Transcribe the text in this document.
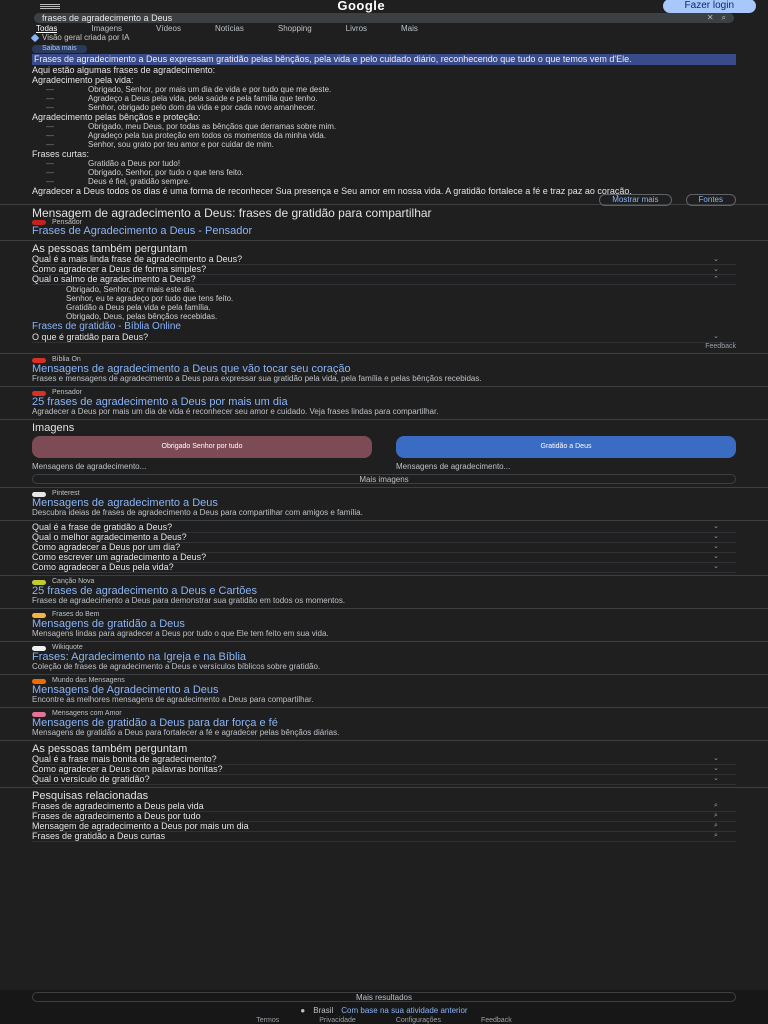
Google	Fazer login
frases de agradecimento a Deus	✕ ⌕
Todas	Imagens	Vídeos	Notícias	Shopping	Livros	Mais
Visão geral criada por IA
Saiba mais
Frases de agradecimento a Deus expressam gratidão pelas bênçãos, pela vida e pelo cuidado diário, reconhecendo que tudo o que temos vem d'Ele.

Aqui estão algumas frases de agradecimento:

Agradecimento pela vida:
— Obrigado, Senhor, por mais um dia de vida e por tudo que me deste.
— Agradeço a Deus pela vida, pela saúde e pela família que tenho.
— Senhor, obrigado pelo dom da vida e por cada novo amanhecer.
Agradecimento pelas bênçãos e proteção:
— Obrigado, meu Deus, por todas as bênçãos que derramas sobre mim.
— Agradeço pela tua proteção em todos os momentos da minha vida.
— Senhor, sou grato por teu amor e por cuidar de mim.
Frases curtas:
— Gratidão a Deus por tudo!
— Obrigado, Senhor, por tudo o que tens feito.
— Deus é fiel, gratidão sempre.

Agradecer a Deus todos os dias é uma forma de reconhecer Sua presença e Seu amor em nossa vida. A gratidão fortalece a fé e traz paz ao coração.

Mostrar mais	Fontes
Mensagem de agradecimento a Deus: frases de gratidão para compartilhar
Pensador
Frases de Agradecimento a Deus - Pensador
As pessoas também perguntam
Qual é a mais linda frase de agradecimento a Deus?	⌄
Como agradecer a Deus de forma simples?	⌄
Qual o salmo de agradecimento a Deus?	⌃
Obrigado, Senhor, por mais este dia.
Senhor, eu te agradeço por tudo que tens feito.
Gratidão a Deus pela vida e pela família.
Obrigado, Deus, pelas bênçãos recebidas.
Frases de gratidão - Bíblia Online
O que é gratidão para Deus?	⌄
Feedback
Bíblia On
Mensagens de agradecimento a Deus que vão tocar seu coração
Frases e mensagens de agradecimento a Deus para expressar sua gratidão pela vida, pela família e pelas bênçãos recebidas.
Pensador
25 frases de agradecimento a Deus por mais um dia
Agradecer a Deus por mais um dia de vida é reconhecer seu amor e cuidado. Veja frases lindas para compartilhar.
Imagens
Obrigado Senhor por tudo
Mensagens de agradecimento...
Gratidão a Deus
Mensagens de agradecimento...
Mais imagens
Pinterest
Mensagens de agradecimento a Deus
Descubra ideias de frases de agradecimento a Deus para compartilhar com amigos e família.
Qual é a frase de gratidão a Deus?	⌄
Qual o melhor agradecimento a Deus?	⌄
Como agradecer a Deus por um dia?	⌄
Como escrever um agradecimento a Deus?	⌄
Como agradecer a Deus pela vida?	⌄
Canção Nova
25 frases de agradecimento a Deus e Cartões
Frases de agradecimento a Deus para demonstrar sua gratidão em todos os momentos.
Frases do Bem
Mensagens de gratidão a Deus
Mensagens lindas para agradecer a Deus por tudo o que Ele tem feito em sua vida.
Wikiquote
Frases: Agradecimento na Igreja e na Bíblia
Coleção de frases de agradecimento a Deus e versículos bíblicos sobre gratidão.
Mundo das Mensagens
Mensagens de Agradecimento a Deus
Encontre as melhores mensagens de agradecimento a Deus para compartilhar.
Mensagens com Amor
Mensagens de gratidão a Deus para dar força e fé
Mensagens de gratidão a Deus para fortalecer a fé e agradecer pelas bênçãos diárias.
As pessoas também perguntam
Qual é a frase mais bonita de agradecimento?	⌄
Como agradecer a Deus com palavras bonitas?	⌄
Qual o versículo de gratidão?	⌄
Pesquisas relacionadas
Frases de agradecimento a Deus pela vida	⌕
Frases de agradecimento a Deus por tudo	⌕
Mensagem de agradecimento a Deus por mais um dia	⌕
Frases de gratidão a Deus curtas	⌕
Mais resultados
● Brasil Com base na sua atividade anterior
Termos	Privacidade	Configurações	Feedback
